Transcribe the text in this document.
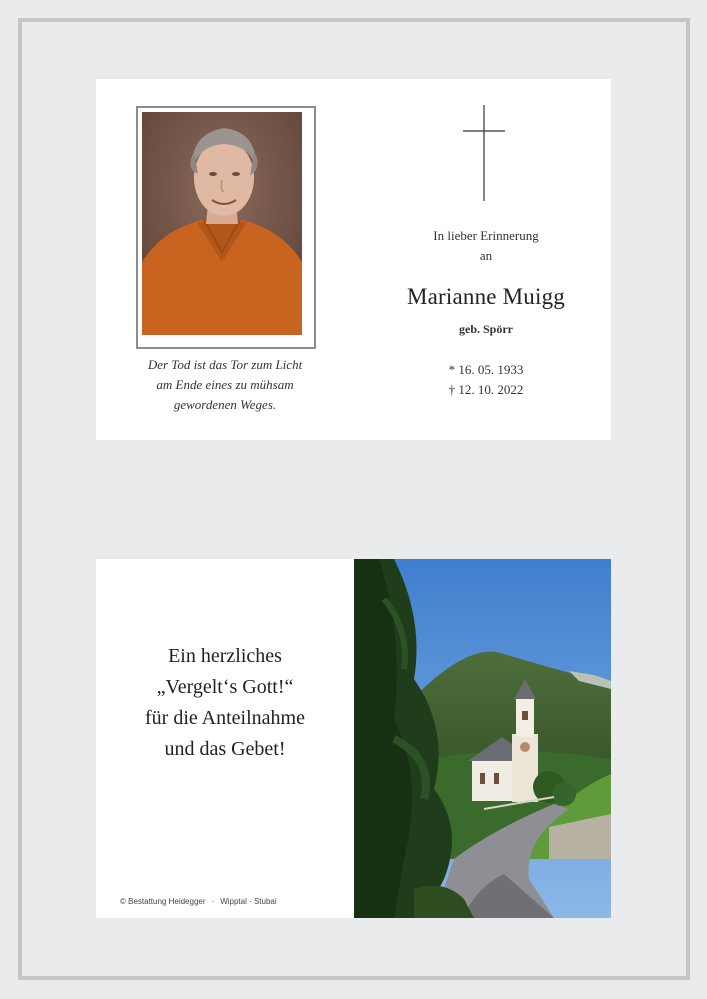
Der Tod ist das Tor zum Licht
am Ende eines zu mühsam
gewordenen Weges.
In lieber Erinnerung
an
Marianne Muigg
geb. Spörr
* 16. 05. 1933
† 12. 10. 2022
Ein herzliches
„Vergelt‘s Gott!“
für die Anteilnahme
und das Gebet!
© Bestattung Heidegger · Wipptal · Stubai
